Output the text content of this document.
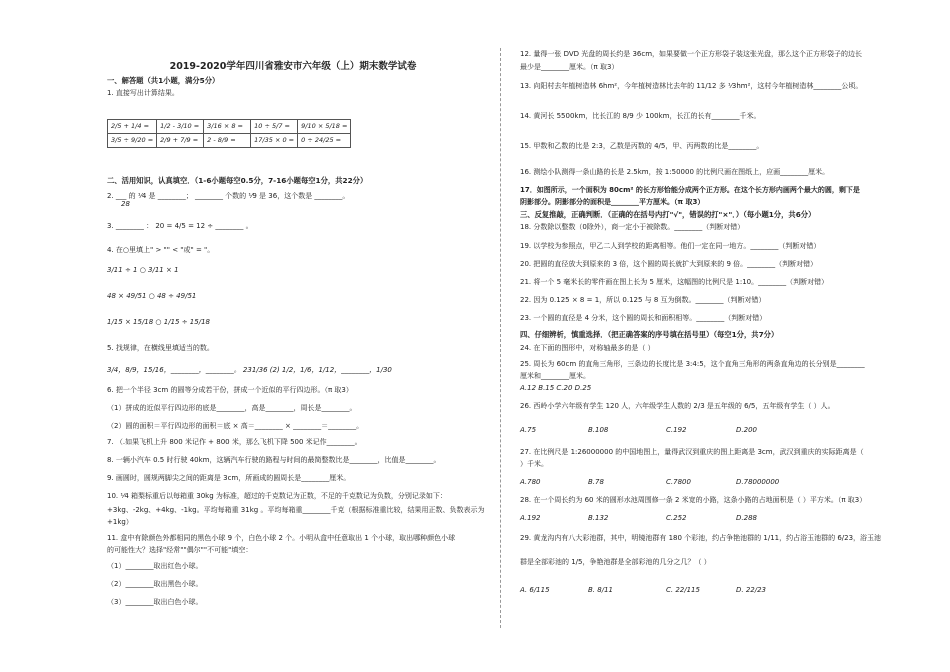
2019-2020学年四川省雅安市六年级（上）期末数学试卷
一、解答题（共1小题，满分5分）
1. 直接写出计算结果。
2/5 + 1/4 =	1/2 - 3/10 =	3/16 × 8 =	10 ÷ 5/7 =	9/10 × 5/18 =
3/5 ÷ 9/20 =	2/9 + 7/9 =	2 - 8/9 =	17/35 × 0 =	0 ÷ 24/25 =
二、活用知识，认真填空．（1-6小题每空0.5分，7-16小题每空1分，共22分）
2. ___ 的 ⅟4 是 ________； ________ 个数的 ⅟9 是 36，这个数是 ________。
28
3. ________ ： 20 = 4/5 = 12 ÷ ________ 。
4. 在○里填上" > "" < "或" = "。
3/11 ÷ 1 ○ 3/11 × 1
48 × 49/51 ○ 48 ÷ 49/51
1/15 × 15/18 ○ 1/15 ÷ 15/18
5. 找规律，在横线里填适当的数。
3/4，8/9，15/16，________，________。 231/36 (2) 1/2，1/6，1/12，________，1/30
6. 把一个半径 3cm 的圆等分成若干份，拼成一个近似的平行四边形。（π 取3）
（1）拼成的近似平行四边形的底是________，高是________，周长是________。
（2）圆的面积＝平行四边形的面积＝底 × 高＝________ × ________＝________。
7. （.如果飞机上升 800 米记作 + 800 米，那么飞机下降 500 米记作________。
8. 一辆小汽车 0.5 时行驶 40km，这辆汽车行驶的路程与时间的最简整数比是________，比值是________。
9. 画圆时，圆规两脚尖之间的距离是 3cm，所画成的圆周长是________厘米。
10. ⅟4 箱梨标重后以每箱重 30kg 为标准，超过的千克数记为正数，不足的千克数记为负数，分别记录如下：
+3kg、-2kg、+4kg、-1kg。平均每箱重 31kg 。平均每箱重________千克（根据标准重比较，结果用正数、负数表示为
+1kg）
11. 盒中有除颜色外都相同的黑色小球 9 个，白色小球 2 个。小明从盒中任意取出 1 个小球，取出哪种颜色小球
的可能性大？选择"经常""偶尔""不可能"填空：
（1）________取出红色小球。
（2）________取出黑色小球。
（3）________取出白色小球。
12. 量得一张 DVD 光盘的周长约是 36cm，如果要做一个正方形袋子装这张光盘，那么这个正方形袋子的边长
最少是________厘米。（π 取3）
13. 向阳村去年植树造林 6hm²，今年植树造林比去年的 11/12 多 ⅟3hm²，这村今年植树造林________公顷。
14. 黄河长 5500km，比长江的 8/9 少 100km，长江的长有________千米。
15. 甲数和乙数的比是 2:3，乙数是丙数的 4/5，甲、丙两数的比是________。
16. 测绘小队测得一条山路的长是 2.5km，按 1:50000 的比例尺画在图纸上，应画________厘米。
17．如图所示，一个面积为 80cm² 的长方形恰能分成两个正方形。在这个长方形内画两个最大的圆，剩下是
阴影部分。阴影部分的面积是________平方厘米。（π 取3）
三、反复推敲，正确判断．（正确的在括号内打"√"，错误的打"×"．）（每小题1分，共6分）
18. 分数除以整数（0除外），商一定小于被除数。________（判断对错）
19. 以学校为参照点，甲乙二人到学校的距离相等。他们一定在同一地方。________（判断对错）
20. 把圆的直径放大到原来的 3 倍，这个圆的周长就扩大到原来的 9 倍。________（判断对错）
21. 将一个 5 毫米长的零件画在图上长为 5 厘米，这幅图的比例尺是 1:10。________（判断对错）
22. 因为 0.125 × 8 = 1，所以 0.125 与 8 互为倒数。________（判断对错）
23. 一个圆的直径是 4 分米，这个圆的周长和面积相等。________（判断对错）
四、仔细辨析，慎重选择．（把正确答案的序号填在括号里）（每空1分，共7分）
24. 在下面的图形中，对称轴最多的是（ ）
25. 周长为 60cm 的直角三角形，三条边的长度比是 3:4:5，这个直角三角形的两条直角边的长分别是________
厘米和________厘米。
A.12 B.15 C.20 D.25
26. 西岭小学六年级有学生 120 人，六年级学生人数的 2/3 是五年级的 6/5，五年级有学生（ ）人。
A.75	B.108	C.192	D.200
27. 在比例尺是 1:26000000 的中国地图上，量得武汉到重庆的图上距离是 3cm，武汉到重庆的实际距离是（
）千米。
A.780	B.78	C.7800	D.78000000
28. 在一个周长约为 60 米的圆形水池周围修一条 2 米宽的小路，这条小路的占地面积是（ ）平方米。（π 取3）
A.192	B.132	C.252	D.288
29. 黄龙沟内有八大彩池群，其中，明镜池群有 180 个彩池，约占争艳池群的 1/11，约占浴玉池群的 6/23，浴玉池
群是全部彩池的 1/5，争艳池群是全部彩池的几分之几？（ ）
A. 6/115	B. 8/11	C. 22/115	D. 22/23
